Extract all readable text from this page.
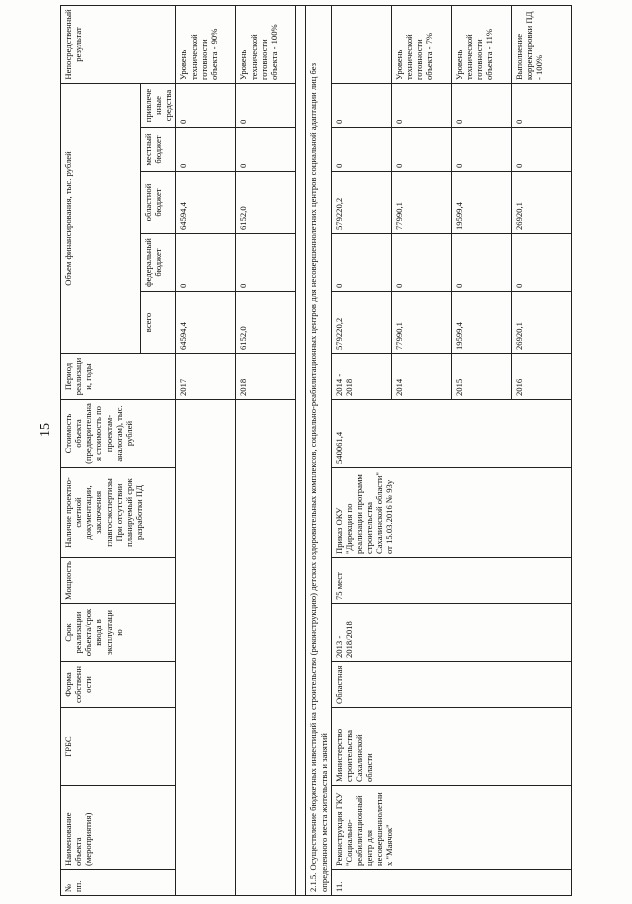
15
№ пп.	Наименование объекта (мероприятия)	ГРБС	Форма собственности	Срок реализации объекта/срок ввода в эксплуатацию	Мощность	Наличие проектно-сметной документации, заключения главгосэкспертизы При отсутствии планируемый срок разработки ПД	Стоимость объекта (предварительная стоимость по проектам-аналогам), тыс. рублей	Период реализации, годы	Объем финансирования, тыс. рублей					Непосредственный результат
									всего	федеральный бюджет	областной бюджет	местный бюджет	привлеченные средства	
								2017	64594,4	0	64594,4	0	0	Уровень технической готовности объекта - 90%
								2018	6152,0	0	6152,0	0	0	Уровень технической готовности объекта - 100%

2.1.5. Осуществление бюджетных инвестиций на строительство (реконструкцию) детских оздоровительных комплексов, социально-реабилитационных центров для несовершеннолетних центров социальной адаптации лиц без определенного места жительства и занятий														
11.	Реконструкция ГКУ "Социально-реабилитационный центр для несовершеннолетних "Маячок"	Министерство строительства Сахалинской области	Областная	2013 - 2018/2018	75 мест	Приказ ОКУ "Дирекция по реализации программ строительства Сахалинской области" от 15.03.2016 № 93у	540061,4	2014 - 2018	579220,2	0	579220,2	0	0	
								2014	77990,1	0	77990,1	0	0	Уровень технической готовности объекта - 7%
								2015	19599,4	0	19599,4	0	0	Уровень технической готовности объекта - 11%
								2016	26920,1	0	26920,1	0	0	Выполнение корректировки ПД - 100%
